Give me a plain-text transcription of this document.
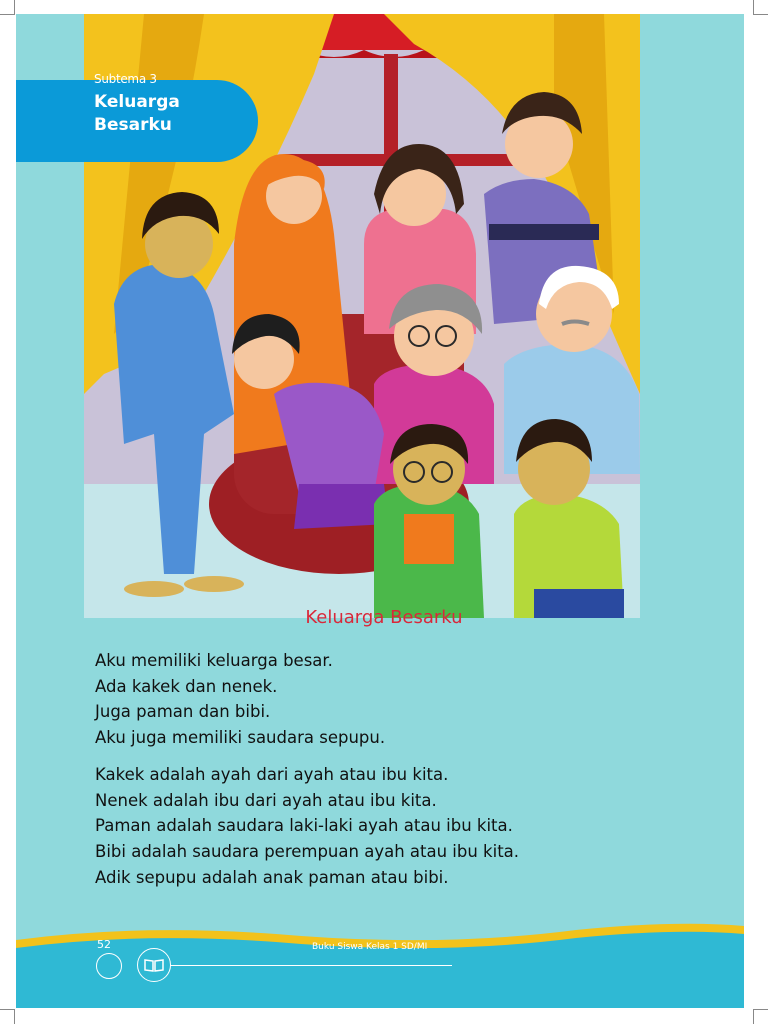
Subtema 3
Keluarga
Besarku
Keluarga Besarku
Aku memiliki keluarga besar.
Ada kakek dan nenek.
Juga paman dan bibi.
Aku juga memiliki saudara sepupu.
Kakek adalah ayah dari ayah atau ibu kita.
Nenek adalah ibu dari ayah atau ibu kita.
Paman adalah saudara laki-laki ayah atau ibu kita.
Bibi adalah saudara perempuan ayah atau ibu kita.
Adik sepupu adalah anak paman atau bibi.
52	Buku Siswa Kelas 1 SD/MI
